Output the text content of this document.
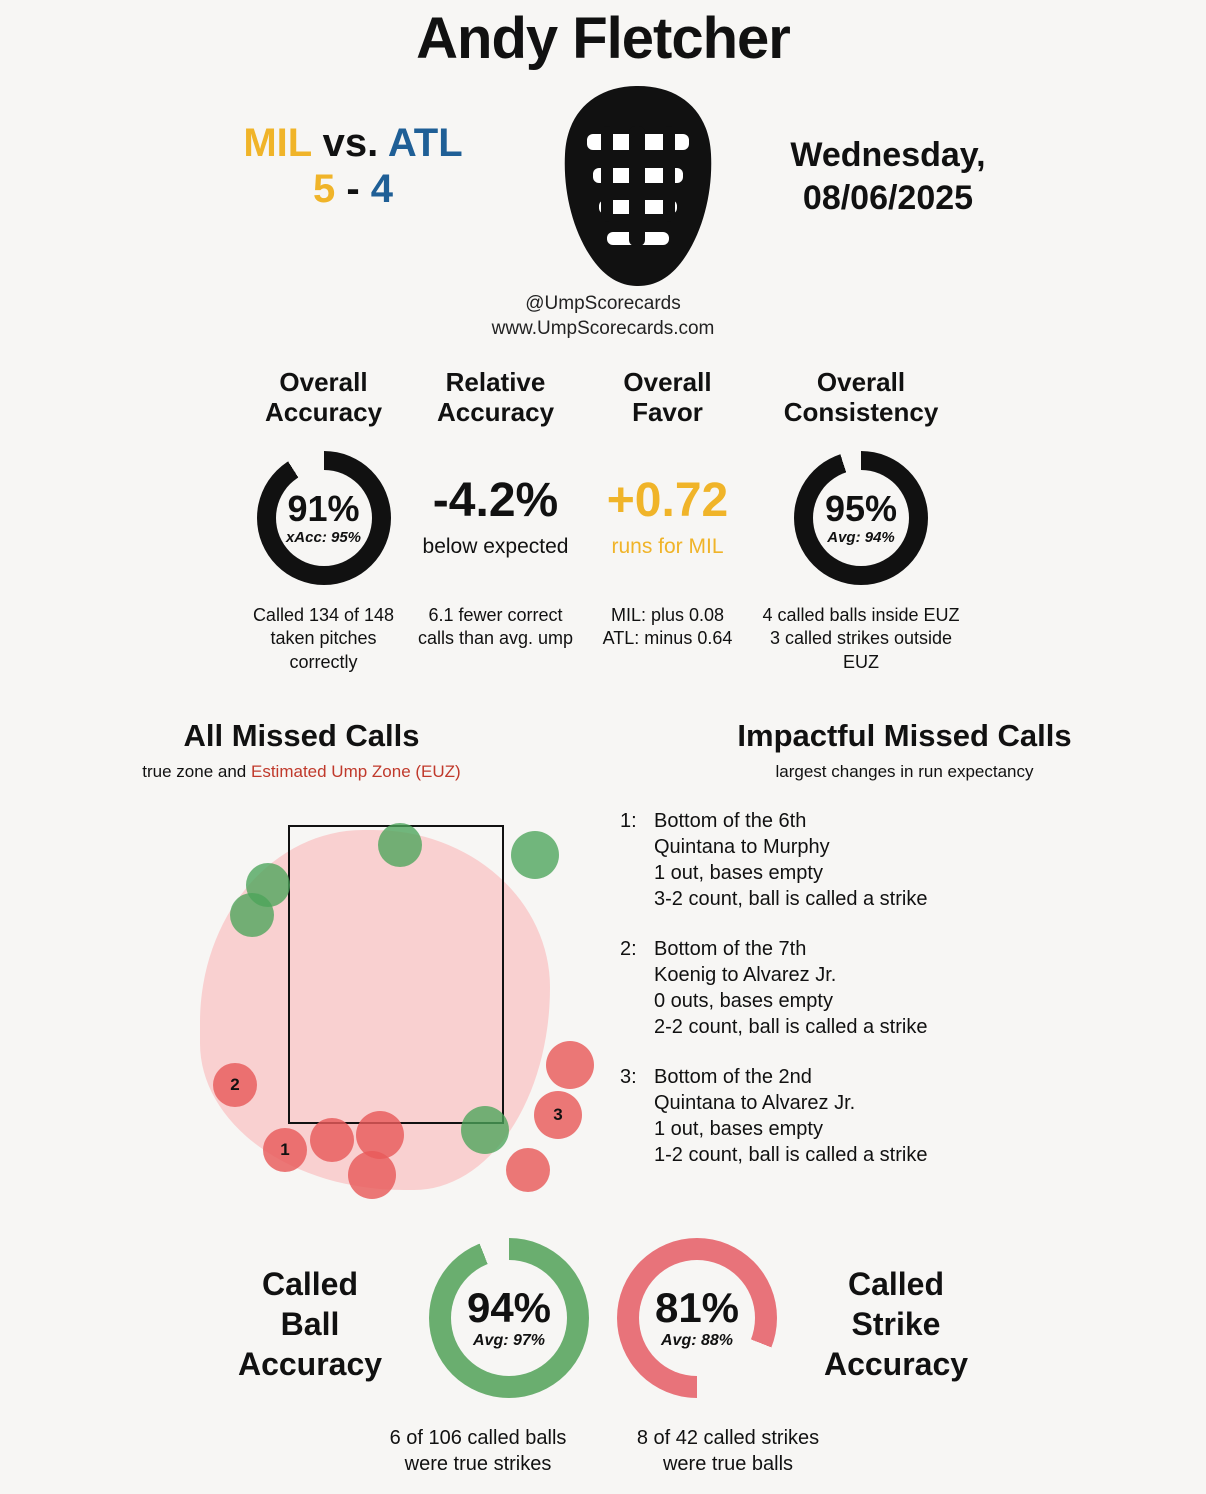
Andy Fletcher
MIL vs. ATL
5 - 4
Wednesday,
08/06/2025
@UmpScorecards
www.UmpScorecards.com
Overall
Accuracy
91%
xAcc: 95%
Called 134 of 148
taken pitches correctly
Relative
Accuracy
-4.2%
below expected
6.1 fewer correct
calls than avg. ump
Overall
Favor
+0.72
runs for MIL
MIL: plus 0.08
ATL: minus 0.64
Overall
Consistency
95%
Avg: 94%
4 called balls inside EUZ
3 called strikes outside EUZ
All Missed Calls
true zone and Estimated Ump Zone (EUZ)
Impactful Missed Calls
largest changes in run expectancy
2
3
1
1: Bottom of the 6th
Quintana to Murphy
1 out, bases empty
3-2 count, ball is called a strike
2: Bottom of the 7th
Koenig to Alvarez Jr.
0 outs, bases empty
2-2 count, ball is called a strike
3: Bottom of the 2nd
Quintana to Alvarez Jr.
1 out, bases empty
1-2 count, ball is called a strike
Called
Ball
Accuracy
94%
Avg: 97%
81%
Avg: 88%
Called
Strike
Accuracy
6 of 106 called balls
were true strikes
8 of 42 called strikes
were true balls
